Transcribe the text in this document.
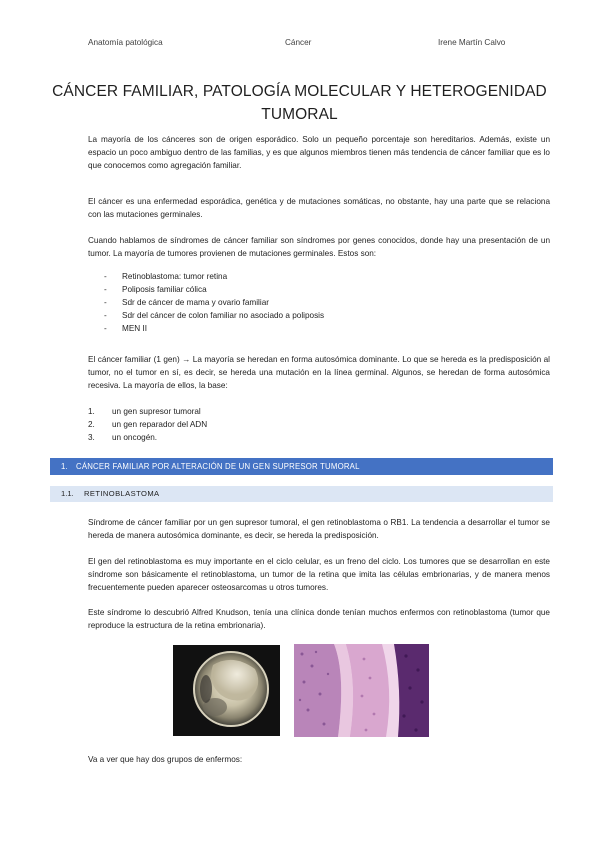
Anatomía patológica	Cáncer	Irene Martín Calvo
CÁNCER FAMILIAR, PATOLOGÍA MOLECULAR Y HETEROGENIDAD TUMORAL
La mayoría de los cánceres son de origen esporádico. Solo un pequeño porcentaje son hereditarios. Además, existe un espacio un poco ambiguo dentro de las familias, y es que algunos miembros tienen más tendencia de cáncer familiar que es lo que conocemos como agregación familiar.
El cáncer es una enfermedad esporádica, genética y de mutaciones somáticas, no obstante, hay una parte que se relaciona con las mutaciones germinales.
Cuando hablamos de síndromes de cáncer familiar son síndromes por genes conocidos, donde hay una presentación de un tumor. La mayoría de tumores provienen de mutaciones germinales. Estos son:
- Retinoblastoma: tumor retina
- Poliposis familiar cólica
- Sdr de cáncer de mama y ovario familiar
- Sdr del cáncer de colon familiar no asociado a poliposis
- MEN II
El cáncer familiar (1 gen) → La mayoría se heredan en forma autosómica dominante. Lo que se hereda es la predisposición al tumor, no el tumor en sí, es decir, se hereda una mutación en la línea germinal. Algunos, se heredan de forma autosómica recesiva. La mayoría de ellos, la base:
1. un gen supresor tumoral
2. un gen reparador del ADN
3. un oncogén.
1. CÁNCER FAMILIAR POR ALTERACIÓN DE UN GEN SUPRESOR TUMORAL
1.1. RETINOBLASTOMA
Síndrome de cáncer familiar por un gen supresor tumoral, el gen retinoblastoma o RB1. La tendencia a desarrollar el tumor se hereda de manera autosómica dominante, es decir, se hereda la predisposición.
El gen del retinoblastoma es muy importante en el ciclo celular, es un freno del ciclo. Los tumores que se desarrollan en este síndrome son básicamente el retinoblastoma, un tumor de la retina que imita las células embrionarias, y de manera menos frecuentemente pueden aparecer osteosarcomas u otros tumores.
Este síndrome lo descubrió Alfred Knudson, tenía una clínica donde tenían muchos enfermos con retinoblastoma (tumor que reproduce la estructura de la retina embrionaria).
Va a ver que hay dos grupos de enfermos:
